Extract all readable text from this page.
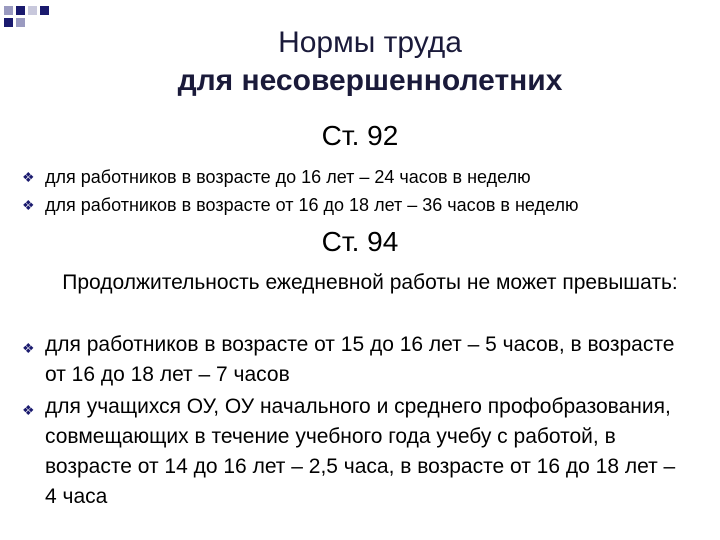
Нормы труда
для несовершеннолетних
Ст. 92
❖ для работников в возрасте до 16 лет – 24 часов в неделю
❖ для работников в возрасте от 16 до 18 лет – 36 часов в неделю
Ст. 94
Продолжительность ежедневной работы не может превышать:
❖ для работников в возрасте от 15 до 16 лет – 5 часов, в возрасте от 16 до 18 лет – 7 часов
❖ для учащихся ОУ, ОУ начального и среднего профобразования, совмещающих в течение учебного года учебу с работой, в возрасте от 14 до 16 лет – 2,5 часа, в возрасте от 16 до 18 лет – 4 часа
